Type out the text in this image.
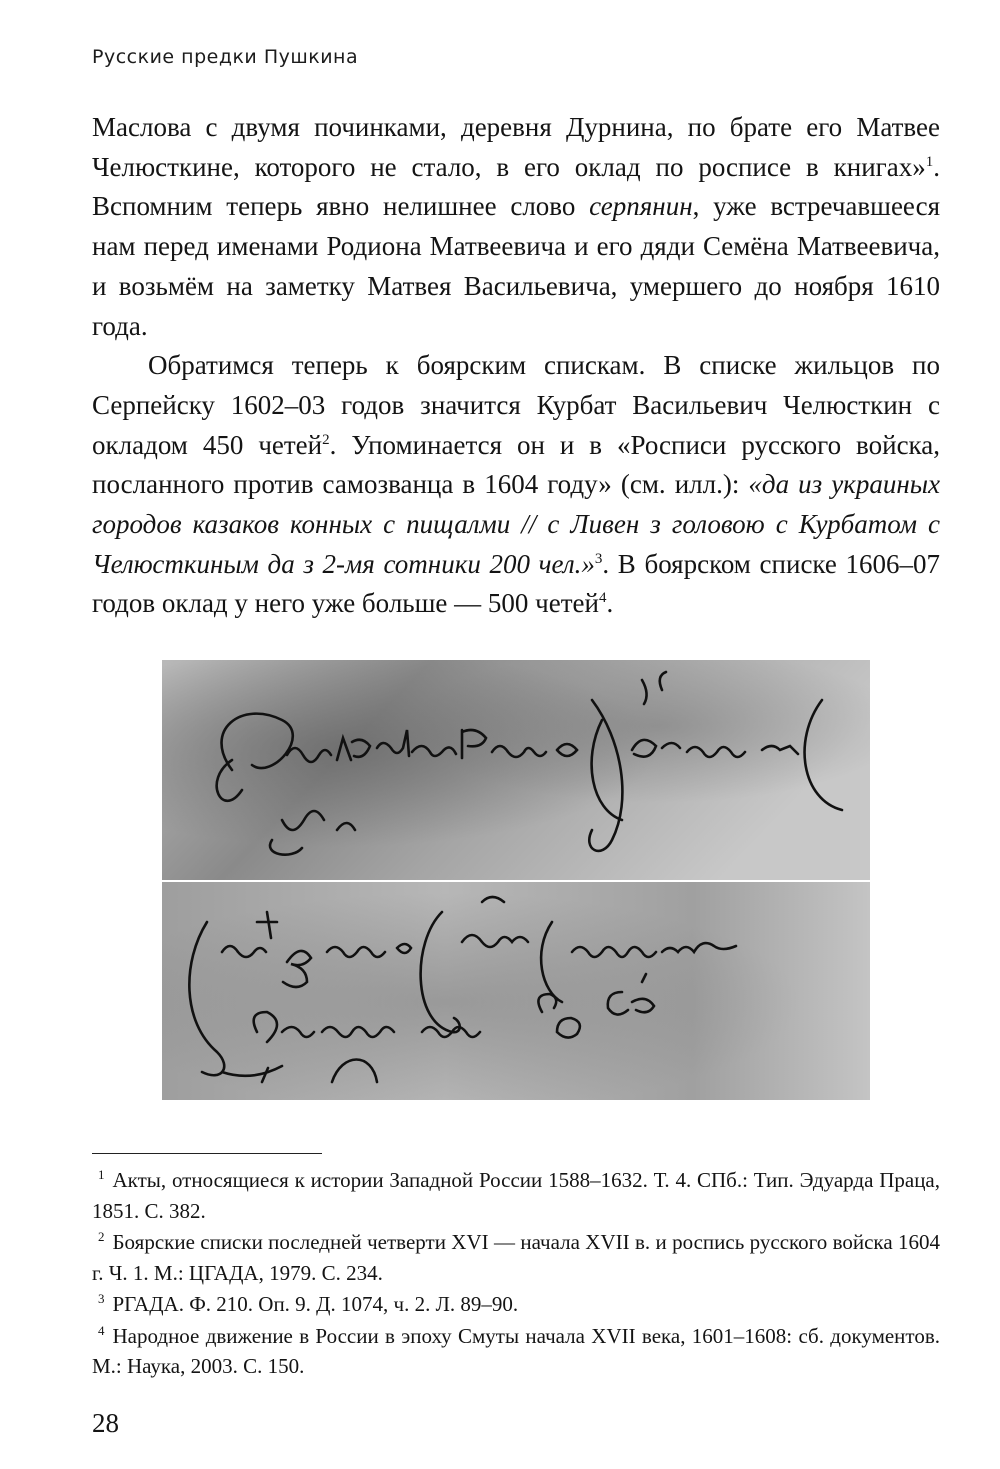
Русские предки Пушкина

Маслова с двумя починками, деревня Дурнина, по брате его Матвее Челюсткине, которого не стало, в его оклад по росписе в книгах»$^1$. Вспомним теперь явно нелишнее слово серпянин, уже встречавшееся нам перед именами Родиона Матвеевича и его дяди Семёна Матвеевича, и возьмём на заметку Матвея Васильевича, умершего до ноября 1610 года.

Обратимся теперь к боярским спискам. В списке жильцов по Серпейску 1602–03 годов значится Курбат Васильевич Челюсткин с окладом 450 четей$^2$. Упоминается он и в «Росписи русского войска, посланного против самозванца в 1604 году» (см. илл.): «да из украиных городов казаков конных с пищалми // с Ливен з головою с Курбатом с Челюсткиным да з 2-мя сотники 200 чел.»$^3$. В боярском списке 1606–07 годов оклад у него уже больше — 500 четей$^4$.

$^1$ Акты, относящиеся к истории Западной России 1588–1632. Т. 4. СПб.: Тип. Эдуарда Праца, 1851. С. 382.

$^2$ Боярские списки последней четверти XVI — начала XVII в. и роспись русского войска 1604 г. Ч. 1. М.: ЦГАДА, 1979. С. 234.

$^3$ РГАДА. Ф. 210. Оп. 9. Д. 1074, ч. 2. Л. 89–90.

$^4$ Народное движение в России в эпоху Смуты начала XVII века, 1601–1608: сб. документов. М.: Наука, 2003. С. 150.

28
